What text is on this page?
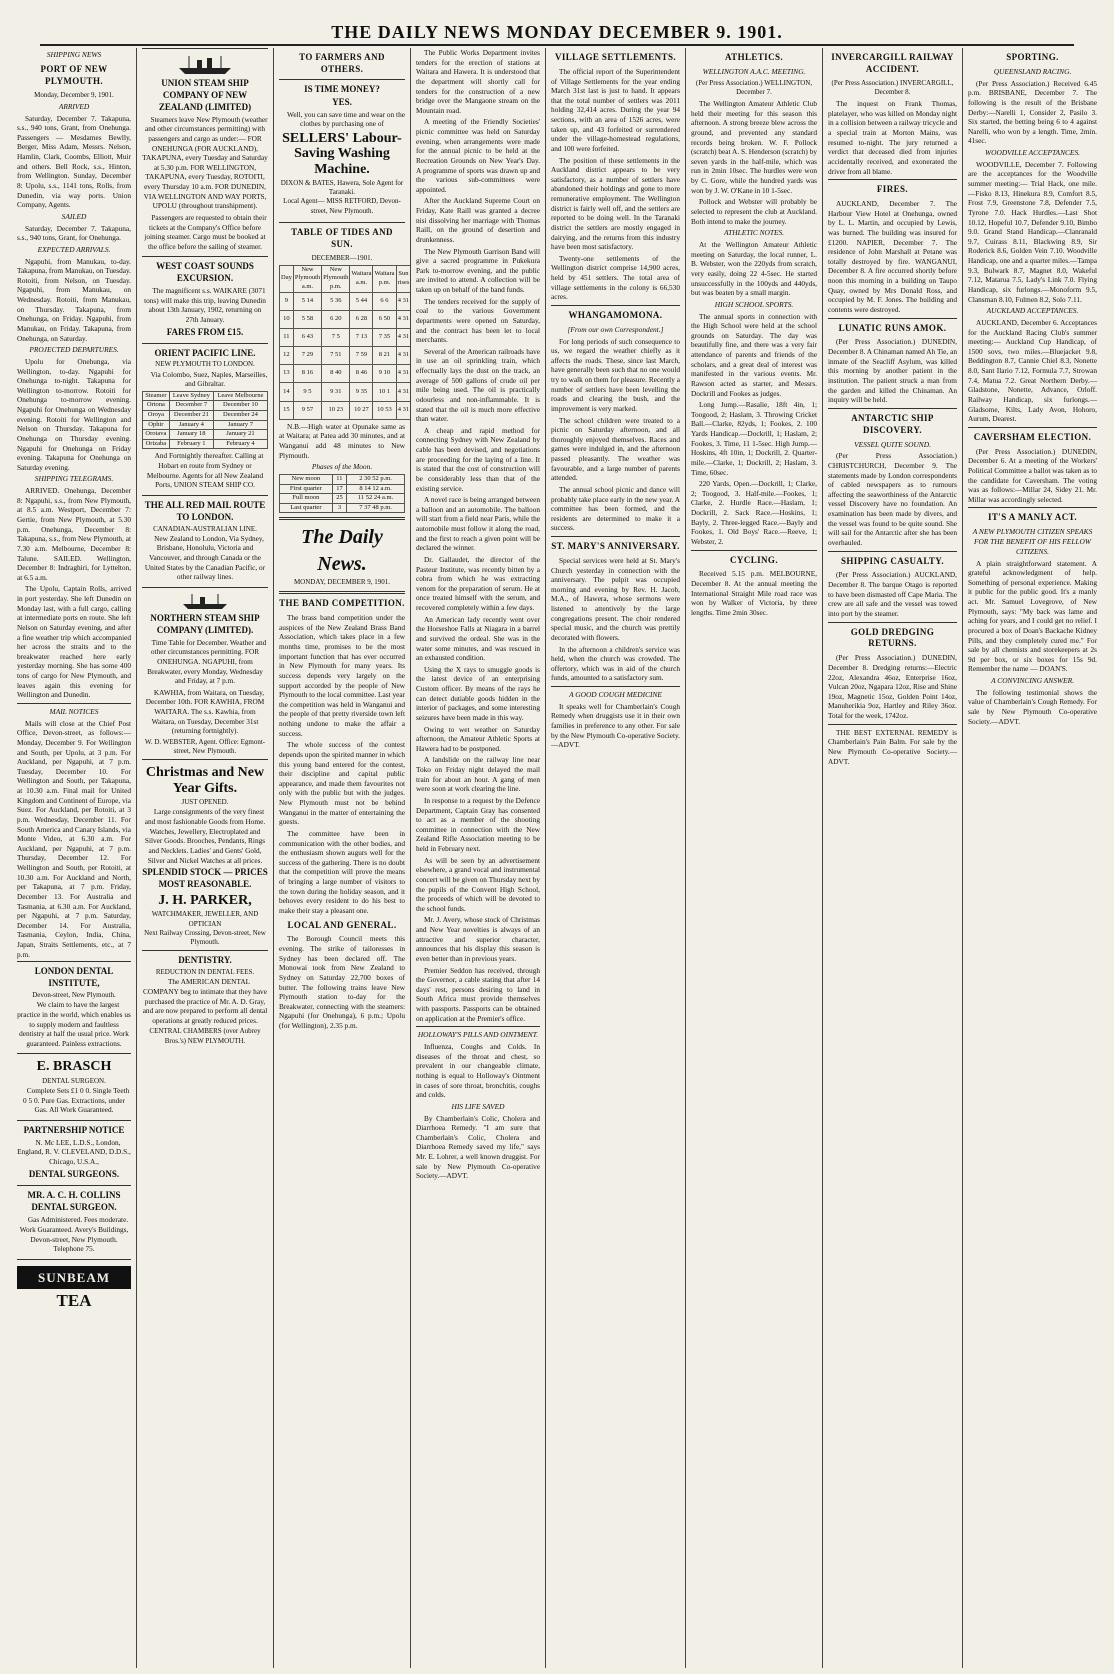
THE DAILY NEWS MONDAY DECEMBER 9. 1901.
SHIPPING NEWS
PORT OF NEW PLYMOUTH.
Monday, December 9, 1901.
ARRIVED

Saturday, December 7. Takapuna, s.s., 940 tons, Grant, from Onehunga. Passengers — Mesdames Bewlly, Berger, Miss Adam, Messrs. Nelson, Hamlin, Clark, Coombs, Elliott, Muir and others. Bell Rock, s.s., Hinton, from Wellington. Sunday, December 8: Upolu, s.s., 1141 tons, Rolls, from Dunedin, via way ports. Union Company, Agents.

SAILED

Saturday, December 7. Takapuna, s.s., 940 tons, Grant, for Onehunga.

EXPECTED ARRIVALS.

Ngapuhi, from Manukau, to-day. Takapuna, from Manukau, on Tuesday. Rotoiti, from Nelson, on Tuesday. Ngapuhi, from Manukau, on Wednesday. Rotoiti, from Manukau, on Thursday. Takapuna, from Onehunga, on Friday. Ngapuhi, from Manukau, on Friday. Takapuna, from Onehunga, on Saturday.

PROJECTED DEPARTURES.

Upolu for Onehunga, via Wellington, to-day. Ngapuhi for Onehunga to-night. Takapuna for Wellington to-morrow. Rotoiti for Onehunga to-morrow evening. Ngapuhi for Onehunga on Wednesday evening. Rotoiti for Wellington and Nelson on Thursday. Takapuna for Onehunga on Thursday evening. Ngapuhi for Onehunga on Friday evening. Takapuna for Onehunga on Saturday evening.

SHIPPING TELEGRAMS.

ARRIVED. Onehunga, December 8: Ngapuhi, s.s., from New Plymouth, at 8.5 a.m. Westport, December 7: Gertie, from New Plymouth, at 5.30 p.m. Onehunga, December 8: Takapuna, s.s., from New Plymouth, at 7.30 a.m. Melbourne, December 8: Talune. SAILED. Wellington, December 8: Indraghiri, for Lyttelton, at 6.5 a.m.

The Upolu, Captain Rolls, arrived in port yesterday. She left Dunedin on Monday last, with a full cargo, calling at intermediate ports en route. She left Nelson on Saturday evening, and after a fine weather trip which accompanied her across the straits and to the breakwater reached here early yesterday morning. She has some 400 tons of cargo for New Plymouth, and leaves again this evening for Wellington and Dunedin.

MAIL NOTICES

Mails will close at the Chief Post Office, Devon-street, as follows:— Monday, December 9. For Wellington and South, per Upolu, at 3 p.m. For Auckland, per Ngapuhi, at 7 p.m. Tuesday, December 10. For Wellington and South, per Takapuna, at 10.30 a.m. Final mail for United Kingdom and Continent of Europe, via Suez. For Auckland, per Rotoiti, at 3 p.m. Wednesday, December 11. For South America and Canary Islands, via Monte Video, at 6.30 a.m. For Auckland, per Ngapuhi, at 7 p.m. Thursday, December 12. For Wellington and South, per Rotoiti, at 10.30 a.m. For Auckland and North, per Takapuna, at 7 p.m. Friday, December 13. For Australia and Tasmania, at 6.30 a.m. For Auckland, per Ngapuhi, at 7 p.m. Saturday, December 14. For Australia, Tasmania, Ceylon, India, China, Japan, Straits Settlements, etc., at 7 p.m.

LONDON DENTAL INSTITUTE,
Devon-street, New Plymouth.

We claim to have the largest practice in the world, which enables us to supply modern and faultless dentistry at half the usual price. Work guaranteed. Painless extractions.

E. BRASCH
DENTAL SURGEON.

Complete Sets £1 0 0. Single Teeth 0 5 0. Pure Gas. Extractions, under Gas. All Work Guaranteed.

PARTNERSHIP NOTICE

N. Mc LEE, L.D.S., London, England, R. V. CLEVELAND, D.D.S., Chicago, U.S.A.,

DENTAL SURGEONS.
MR. A. C. H. COLLINS
DENTAL SURGEON.

Gas Administered. Fees moderate. Work Guaranteed. Avery's Buildings, Devon-street, New Plymouth. Telephone 75.

SUNBEAM
TEA
UNION STEAM SHIP COMPANY OF NEW ZEALAND (LIMITED)

Steamers leave New Plymouth (weather and other circumstances permitting) with passengers and cargo as under:— FOR ONEHUNGA (FOR AUCKLAND), TAKAPUNA, every Tuesday and Saturday at 5.30 p.m. FOR WELLINGTON, TAKAPUNA, every Tuesday, ROTOITI, every Thursday 10 a.m. FOR DUNEDIN, VIA WELLINGTON AND WAY PORTS, UPOLU (throughout transhipment).

Passengers are requested to obtain their tickets at the Company's Office before joining steamer. Cargo must be booked at the office before the sailing of steamer.

WEST COAST SOUNDS EXCURSION.

The magnificent s.s. WAIKARE (3071 tons) will make this trip, leaving Dunedin about 13th January, 1902, returning on 27th January.

FARES FROM £15.
ORIENT PACIFIC LINE.
NEW PLYMOUTH TO LONDON.

Via Colombo, Suez, Naples, Marseilles, and Gibraltar.

Steamer	Leave Sydney	Leave Melbourne
Ortona	December 7	December 10
Oroya	December 21	December 24
Ophir	January 4	January 7
Orotava	January 18	January 21
Orizaba	February 1	February 4

And Fortnightly thereafter. Calling at Hobart en route from Sydney or Melbourne. Agents for all New Zealand Ports, UNION STEAM SHIP CO.

THE ALL RED MAIL ROUTE TO LONDON.
CANADIAN-AUSTRALIAN LINE.

New Zealand to London, Via Sydney, Brisbane, Honolulu, Victoria and Vancouver, and through Canada or the United States by the Canadian Pacific, or other railway lines.

NORTHERN STEAM SHIP COMPANY (LIMITED).

Time Table for December. Weather and other circumstances permitting. FOR ONEHUNGA. NGAPUHI, from Breakwater, every Monday, Wednesday and Friday, at 7 p.m.

KAWHIA, from Waitara, on Tuesday, December 10th. FOR KAWHIA, FROM WAITARA. The s.s. Kawhia, from Waitara, on Tuesday, December 31st (returning fortnightly).

W. D. WEBSTER, Agent. Office: Egmont-street, New Plymouth.
Christmas and New Year Gifts.
JUST OPENED.

Large consignments of the very finest and most fashionable Goods from Home. Watches, Jewellery, Electroplated and Silver Goods. Brooches, Pendants, Rings and Necklets. Ladies' and Gents' Gold, Silver and Nickel Watches at all prices.

SPLENDID STOCK — PRICES MOST REASONABLE.
J. H. PARKER,
WATCHMAKER, JEWELLER, AND OPTICIAN
Next Railway Crossing, Devon-street, New Plymouth.
DENTISTRY.
REDUCTION IN DENTAL FEES.

The AMERICAN DENTAL COMPANY beg to intimate that they have purchased the practice of Mr. A. D. Gray, and are now prepared to perform all dental operations at greatly reduced prices.

CENTRAL CHAMBERS (over Aubrey Bros.'s) NEW PLYMOUTH.
TO FARMERS AND OTHERS.
IS TIME MONEY?
YES.

Well, you can save time and wear on the clothes by purchasing one of

SELLERS' Labour-Saving Washing Machine.
DIXON & BATES, Hawera, Sole Agent for Taranaki.
Local Agent— MISS RETFORD, Devon-street, New Plymouth.
TABLE OF TIDES AND SUN.
DECEMBER—1901.
Day	New Plymouth a.m.	New Plymouth p.m.	Waitara a.m.	Waitara p.m.	Sun rises	
9	5 14	5 36	5 44	6 6	4 31	
10	5 58	6 20	6 28	6 50	4 31	
11	6 43	7 5	7 13	7 35	4 31	
12	7 29	7 51	7 59	8 21	4 31	
13	8 16	8 40	8 46	9 10	4 31	
14	9 5	9 31	9 35	10 1	4 31	
15	9 57	10 23	10 27	10 53	4 31	

N.B.—High water at Opunake same as at Waitara; at Patea add 30 minutes, and at Wanganui add 48 minutes to New Plymouth.

Phases of the Moon.
New moon	11	2 30 52 p.m.
First quarter	17	8 14 12 a.m.
Full moon	25	11 52 24 a.m.
Last quarter	3	7 37 48 p.m.
The Daily News.
MONDAY, DECEMBER 9, 1901.
THE BAND COMPETITION.

The brass band competition under the auspices of the New Zealand Brass Band Association, which takes place in a few months time, promises to be the most important function that has ever occurred in New Plymouth for many years. Its success depends very largely on the support accorded by the people of New Plymouth to the local committee. Last year the competition was held in Wanganui and the people of that pretty riverside town left nothing undone to make the affair a success.

The whole success of the contest depends upon the spirited manner in which this young band entered for the contest, their discipline and capital public appearance, and made them favourites not only with the public but with the judges. New Plymouth must not be behind Wanganui in the matter of entertaining the guests.

The committee have been in communication with the other bodies, and the enthusiasm shown augurs well for the success of the gathering. There is no doubt that the competition will prove the means of bringing a large number of visitors to the town during the holiday season, and it behoves every resident to do his best to make their stay a pleasant one.

LOCAL AND GENERAL.

The Borough Council meets this evening. The strike of tailoresses in Sydney has been declared off. The Monowai took from New Zealand to Sydney on Saturday 22,700 boxes of butter. The following trains leave New Plymouth station to-day for the Breakwater, connecting with the steamers: Ngapuhi (for Onehunga), 6 p.m.; Upolu (for Wellington), 2.35 p.m.

The Public Works Department invites tenders for the erection of stations at Waitara and Hawera. It is understood that the department will shortly call for tenders for the construction of a new bridge over the Mangaone stream on the Mountain road.

A meeting of the Friendly Societies' picnic committee was held on Saturday evening, when arrangements were made for the annual picnic to be held at the Recreation Grounds on New Year's Day. A programme of sports was drawn up and the various sub-committees were appointed.

After the Auckland Supreme Court on Friday, Kate Raill was granted a decree nisi dissolving her marriage with Thomas Raill, on the ground of desertion and drunkenness.

The New Plymouth Garrison Band will give a sacred programme in Pukekura Park to-morrow evening, and the public are invited to attend. A collection will be taken up on behalf of the band funds.

The tenders received for the supply of coal to the various Government departments were opened on Saturday, and the contract has been let to local merchants.

Several of the American railroads have in use an oil sprinkling train, which effectually lays the dust on the track, an average of 500 gallons of crude oil per mile being used. The oil is practically odourless and non-inflammable. It is stated that the oil is much more effective than water.

A cheap and rapid method for connecting Sydney with New Zealand by cable has been devised, and negotiations are proceeding for the laying of a line. It is stated that the cost of construction will be considerably less than that of the existing service.

A novel race is being arranged between a balloon and an automobile. The balloon will start from a field near Paris, while the automobile must follow it along the road, and the first to reach a given point will be declared the winner.

Dr. Gallaudet, the director of the Pasteur Institute, was recently bitten by a cobra from which he was extracting venom for the preparation of serum. He at once treated himself with the serum, and recovered completely within a few days.

An American lady recently went over the Horseshoe Falls at Niagara in a barrel and survived the ordeal. She was in the water some minutes, and was rescued in an exhausted condition.

Using the X rays to smuggle goods is the latest device of an enterprising Custom officer. By means of the rays he can detect dutiable goods hidden in the interior of packages, and some interesting seizures have been made in this way.

Owing to wet weather on Saturday afternoon, the Amateur Athletic Sports at Hawera had to be postponed.

A landslide on the railway line near Toko on Friday night delayed the mail train for about an hour. A gang of men were soon at work clearing the line.

In response to a request by the Defence Department, Captain Gray has consented to act as a member of the shooting committee in connection with the New Zealand Rifle Association meeting to be held in February next.

As will be seen by an advertisement elsewhere, a grand vocal and instrumental concert will be given on Thursday next by the pupils of the Convent High School, the proceeds of which will be devoted to the school funds.

Mr. J. Avery, whose stock of Christmas and New Year novelties is always of an attractive and superior character, announces that his display this season is even better than in previous years.

Premier Seddon has received, through the Governor, a cable stating that after 14 days' rest, persons desiring to land in South Africa must provide themselves with passports. Passports can be obtained on application at the Premier's office.

HOLLOWAY'S PILLS AND OINTMENT.

Influenza, Coughs and Colds. In diseases of the throat and chest, so prevalent in our changeable climate, nothing is equal to Holloway's Ointment in cases of sore throat, bronchitis, coughs and colds.

HIS LIFE SAVED

By Chamberlain's Colic, Cholera and Diarrhoea Remedy. "I am sure that Chamberlain's Colic, Cholera and Diarrhoea Remedy saved my life," says Mr. E. Lohrer, a well known druggist. For sale by New Plymouth Co-operative Society.—ADVT.

VILLAGE SETTLEMENTS.

The official report of the Superintendent of Village Settlements for the year ending March 31st last is just to hand. It appears that the total number of settlers was 2011 holding 32,414 acres. During the year 94 sections, with an area of 1526 acres, were taken up, and 43 forfeited or surrendered under the village-homestead regulations, and 100 were forfeited.

The position of these settlements in the Auckland district appears to be very satisfactory, as a number of settlers have abandoned their holdings and gone to more remunerative employment. The Wellington district is fairly well off, and the settlers are reported to be doing well. In the Taranaki district the settlers are mostly engaged in dairying, and the returns from this industry have been most satisfactory.

Twenty-one settlements of the Wellington district comprise 14,900 acres, held by 451 settlers. The total area of village settlements in the colony is 66,530 acres.

WHANGAMOMONA.
[From our own Correspondent.]

For long periods of such consequence to us, we regard the weather chiefly as it affects the roads. These, since last March, have generally been such that no one would try to walk on them for pleasure. Recently a number of settlers have been levelling the roads and clearing the bush, and the improvement is very marked.

The school children were treated to a picnic on Saturday afternoon, and all thoroughly enjoyed themselves. Races and games were indulged in, and the afternoon passed pleasantly. The weather was favourable, and a large number of parents attended.

The annual school picnic and dance will probably take place early in the new year. A committee has been formed, and the residents are determined to make it a success.

ST. MARY'S ANNIVERSARY.

Special services were held at St. Mary's Church yesterday in connection with the anniversary. The pulpit was occupied morning and evening by Rev. H. Jacob, M.A., of Hawera, whose sermons were listened to attentively by the large congregations present. The choir rendered special music, and the church was prettily decorated with flowers.

In the afternoon a children's service was held, when the church was crowded. The offertory, which was in aid of the church funds, amounted to a satisfactory sum.

A GOOD COUGH MEDICINE

It speaks well for Chamberlain's Cough Remedy when druggists use it in their own families in preference to any other. For sale by the New Plymouth Co-operative Society.—ADVT.

ATHLETICS.
WELLINGTON A.A.C. MEETING.
(Per Press Association.) WELLINGTON, December 7.

The Wellington Amateur Athletic Club held their meeting for this season this afternoon. A strong breeze blew across the ground, and prevented any standard records being broken. W. F. Pollock (scratch) beat A. S. Henderson (scratch) by seven yards in the half-mile, which was run in 2min 10sec. The hurdles were won by C. Gore, while the hundred yards was won by J. W. O'Kane in 10 1-5sec.

Pollock and Webster will probably be selected to represent the club at Auckland. Both intend to make the journey.

ATHLETIC NOTES.

At the Wellington Amateur Athletic meeting on Saturday, the local runner, L. B. Webster, won the 220yds from scratch, very easily, doing 22 4-5sec. He started unsuccessfully in the 100yds and 440yds, but was beaten by a small margin.

HIGH SCHOOL SPORTS.

The annual sports in connection with the High School were held at the school grounds on Saturday. The day was beautifully fine, and there was a very fair attendance of parents and friends of the scholars, and a great deal of interest was manifested in the various events. Mr. Rawson acted as starter, and Messrs. Dockrill and Fookes as judges.

Long Jump.—Rasalie, 18ft 4in, 1; Toogood, 2; Haslam, 3. Throwing Cricket Ball.—Clarke, 82yds, 1; Fookes, 2. 100 Yards Handicap.—Dockrill, 1; Haslam, 2; Fookes, 3. Time, 11 1-5sec. High Jump.—Hoskins, 4ft 10in, 1; Dockrill, 2. Quarter-mile.—Clarke, 1; Dockrill, 2; Haslam, 3. Time, 60sec.

220 Yards, Open.—Dockrill, 1; Clarke, 2; Toogood, 3. Half-mile.—Fookes, 1; Clarke, 2. Hurdle Race.—Haslam, 1; Dockrill, 2. Sack Race.—Hoskins, 1; Bayly, 2. Three-legged Race.—Bayly and Fookes, 1. Old Boys' Race.—Reeve, 1; Webster, 2.

CYCLING.

Received 5.15 p.m. MELBOURNE, December 8. At the annual meeting the International Straight Mile road race was won by Walker of Victoria, by three lengths. Time 2min 30sec.

INVERCARGILL RAILWAY ACCIDENT.
(Per Press Association.) INVERCARGILL, December 8.

The inquest on Frank Thomas, platelayer, who was killed on Monday night in a collision between a railway tricycle and a special train at Morton Mains, was resumed to-night. The jury returned a verdict that deceased died from injuries accidentally received, and exonerated the driver from all blame.

FIRES.

AUCKLAND, December 7. The Harbour View Hotel at Onehunga, owned by L. L. Martin, and occupied by Lewis, was burned. The building was insured for £1200. NAPIER, December 7. The residence of John Marshall at Petane was totally destroyed by fire. WANGANUI, December 8. A fire occurred shortly before noon this morning in a building on Taupo Quay, owned by Mrs Donald Ross, and occupied by M. F. Jones. The building and contents were destroyed.

LUNATIC RUNS AMOK.

(Per Press Association.) DUNEDIN, December 8. A Chinaman named Ah Tie, an inmate of the Seacliff Asylum, was killed this morning by another patient in the institution. The patient struck a man from the garden and killed the Chinaman. An inquiry will be held.

ANTARCTIC SHIP DISCOVERY.
VESSEL QUITE SOUND.

(Per Press Association.) CHRISTCHURCH, December 9. The statements made by London correspondents of cabled newspapers as to rumours affecting the seaworthiness of the Antarctic vessel Discovery have no foundation. An examination has been made by divers, and the vessel was found to be quite sound. She will sail for the Antarctic after she has been overhauled.

SHIPPING CASUALTY.

(Per Press Association.) AUCKLAND, December 8. The barque Otago is reported to have been dismasted off Cape Maria. The crew are all safe and the vessel was towed into port by the steamer.

GOLD DREDGING RETURNS.

(Per Press Association.) DUNEDIN, December 8. Dredging returns:—Electric 22oz, Alexandra 46oz, Enterprise 16oz, Vulcan 20oz, Ngapara 12oz, Rise and Shine 19oz, Magnetic 15oz, Golden Point 14oz, Manuherikia 9oz, Hartley and Riley 36oz. Total for the week, 1742oz.

THE BEST EXTERNAL REMEDY is Chamberlain's Pain Balm. For sale by the New Plymouth Co-operative Society.—ADVT.

SPORTING.
QUEENSLAND RACING.

(Per Press Association.) Received 6.45 p.m. BRISBANE, December 7. The following is the result of the Brisbane Derby:—Narelli 1, Consider 2, Pasilo 3. Six started, the betting being 6 to 4 against Narelli, who won by a length. Time, 2min. 41sec.

WOODVILLE ACCEPTANCES.

WOODVILLE, December 7. Following are the acceptances for the Woodville summer meeting:— Trial Hack, one mile.—Fisko 8.13, Hinekura 8.9, Comfort 8.5, Frost 7.9, Greenstone 7.8, Defender 7.5, Tyrone 7.0. Hack Hurdles.—Last Shot 10.12, Hopeful 10.7, Defender 9.10, Bimbo 9.0. Grand Stand Handicap.—Clanranald 9.7, Cuirass 8.11, Blackwing 8.9, Sir Roderick 8.6, Golden Vein 7.10. Woodville Handicap, one and a quarter miles.—Tampa 9.3, Bulwark 8.7, Magnet 8.0, Wakeful 7.12, Matarua 7.5, Lady's Link 7.0. Flying Handicap, six furlongs.—Monoform 9.5, Clansman 8.10, Fulmen 8.2, Solo 7.11.

AUCKLAND ACCEPTANCES.

AUCKLAND, December 6. Acceptances for the Auckland Racing Club's summer meeting:— Auckland Cup Handicap, of 1500 sovs, two miles.—Bluejacket 9.8, Beddington 8.7, Cannie Chiel 8.3, Nonette 8.0, Sant Ilario 7.12, Formula 7.7, Strowan 7.4, Matua 7.2. Great Northern Derby.—Gladstone, Nonette, Advance, Orloff. Railway Handicap, six furlongs.—Gladsome, Kilts, Lady Avon, Hohoro, Aurum, Dearest.

CAVERSHAM ELECTION.

(Per Press Association.) DUNEDIN, December 6. At a meeting of the Workers' Political Committee a ballot was taken as to the candidate for Caversham. The voting was as follows:—Millar 24, Sidey 21. Mr. Millar was accordingly selected.

IT'S A MANLY ACT.
A NEW PLYMOUTH CITIZEN SPEAKS FOR THE BENEFIT OF HIS FELLOW CITIZENS.

A plain straightforward statement. A grateful acknowledgment of help. Something of personal experience. Making it public for the public good. It's a manly act. Mr. Samuel Lovegrove, of New Plymouth, says: "My back was lame and aching for years, and I could get no relief. I procured a box of Doan's Backache Kidney Pills, and they completely cured me." For sale by all chemists and storekeepers at 2s 9d per box, or six boxes for 15s 9d. Remember the name — DOAN'S.

A CONVINCING ANSWER.

The following testimonial shows the value of Chamberlain's Cough Remedy. For sale by New Plymouth Co-operative Society.—ADVT.
